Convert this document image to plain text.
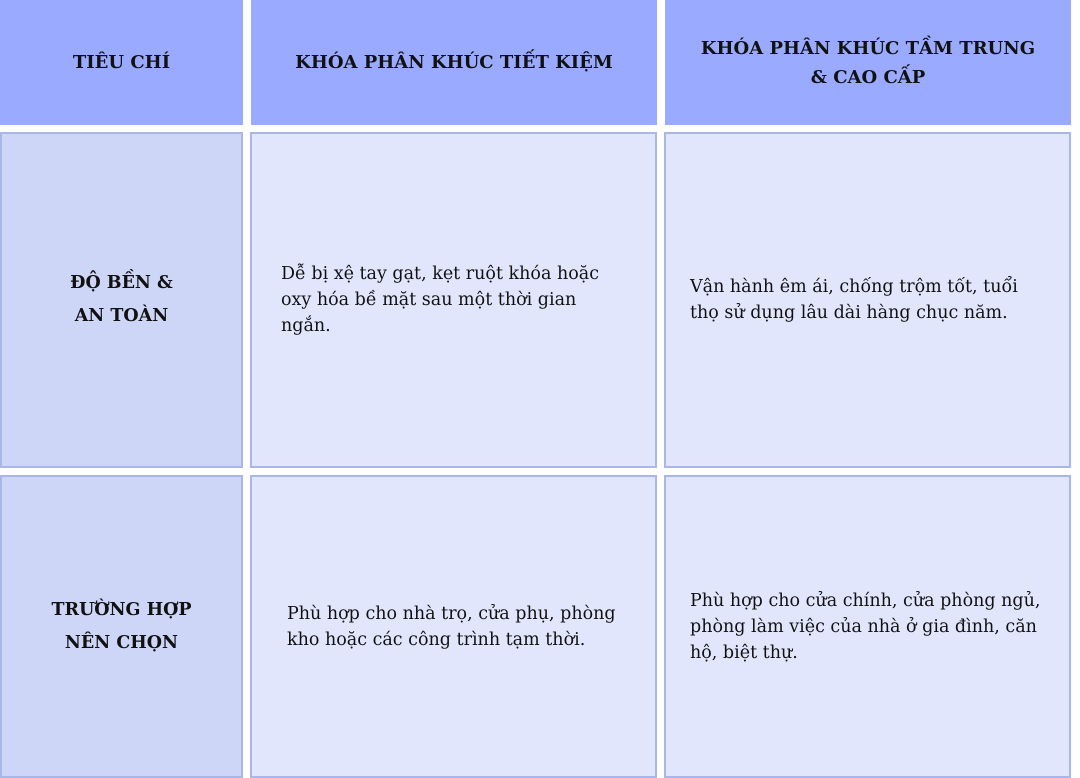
TIÊU CHÍ	KHÓA PHÂN KHÚC TIẾT KIỆM
KHÓA PHÂN KHÚC TẦM TRUNG
& CAO CẤP
ĐỘ BỀN &
AN TOÀN
Dễ bị xệ tay gạt, kẹt ruột khóa hoặc oxy hóa bề mặt sau một thời gian ngắn.
Vận hành êm ái, chống trộm tốt, tuổi thọ sử dụng lâu dài hàng chục năm.
TRƯỜNG HỢP
NÊN CHỌN
Phù hợp cho nhà trọ, cửa phụ, phòng kho hoặc các công trình tạm thời.
Phù hợp cho cửa chính, cửa phòng ngủ, phòng làm việc của nhà ở gia đình, căn hộ, biệt thự.
